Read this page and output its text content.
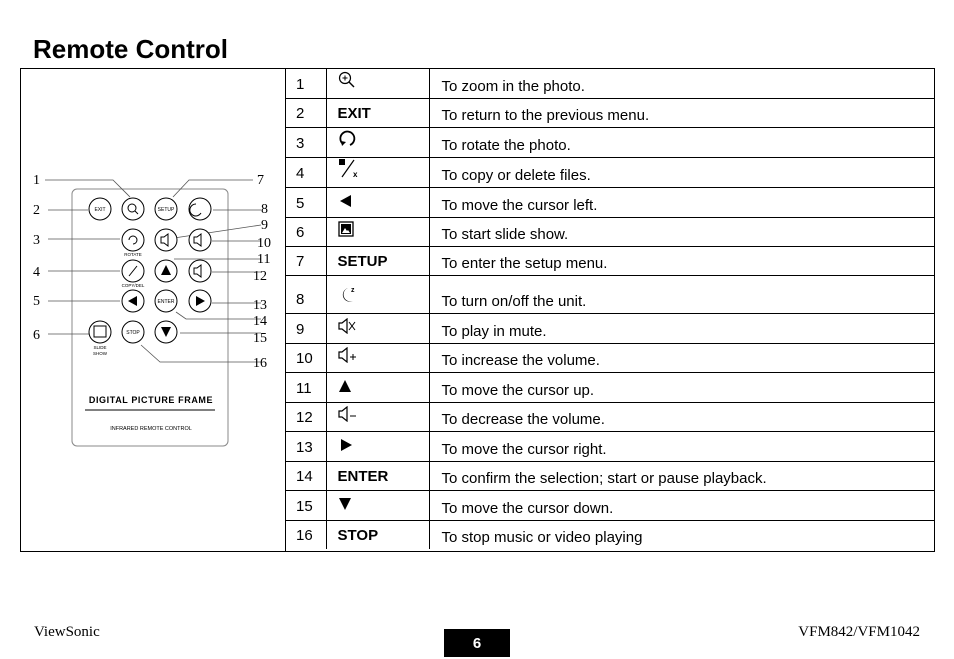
Remote Control
1
2
3
4
5
6
7
8
9
10
11
12
13
14
15
16
EXIT	SETUP
ENTER
STOP
ROTATE
COPY/DEL
SLIDE
SHOW
DIGITAL PICTURE FRAME
INFRARED REMOTE CONTROL
1		To zoom in the photo.
2	EXIT	To return to the previous menu.
3		To rotate the photo.
4	x	To copy or delete files.
5		To move the cursor left.
6		To start slide show.
7	SETUP	To enter the setup menu.
8	z	To turn on/off the unit.
9		To play in mute.
10		To increase the volume.
11		To move the cursor up.
12		To decrease the volume.
13		To move the cursor right.
14	ENTER	To confirm the selection; start or pause playback.
15		To move the cursor down.
16	STOP	To stop music or video playing
ViewSonic
6
VFM842/VFM1042
